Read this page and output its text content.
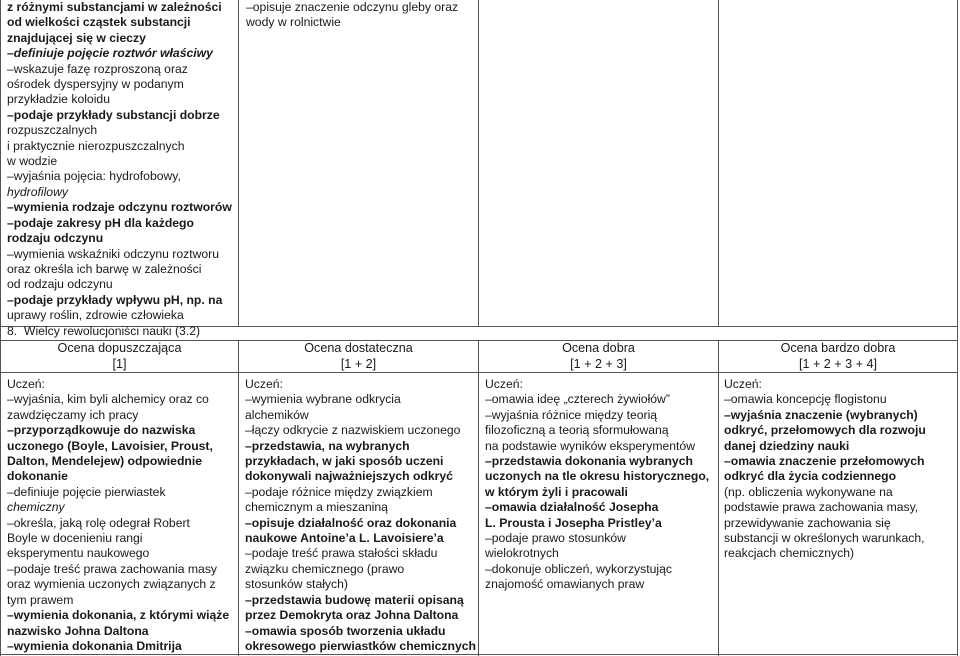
z różnymi substancjami w zależności
od wielkości cząstek substancji
znajdującej się w cieczy
–definiuje pojęcie roztwór właściwy
–wskazuje fazę rozproszoną oraz
ośrodek dyspersyjny w podanym
przykładzie koloidu
–podaje przykłady substancji dobrze
rozpuszczalnych
i praktycznie nierozpuszczalnych
w wodzie
–wyjaśnia pojęcia: hydrofobowy,
hydrofilowy
–wymienia rodzaje odczynu roztworów
–podaje zakresy pH dla każdego
rodzaju odczynu
–wymienia wskaźniki odczynu roztworu
oraz określa ich barwę w zależności
od rodzaju odczynu
–podaje przykłady wpływu pH, np. na
uprawy roślin, zdrowie człowieka
–opisuje znaczenie odczynu gleby oraz
wody w rolnictwie
8.  Wielcy rewolucjoniści nauki (3.2)
Ocena dopuszczająca
[1]
Ocena dostateczna
[1 + 2]
Ocena dobra
[1 + 2 + 3]
Ocena bardzo dobra
[1 + 2 + 3 + 4]
Uczeń:
–wyjaśnia, kim byli alchemicy oraz co
zawdzięczamy ich pracy
–przyporządkowuje do nazwiska
uczonego (Boyle, Lavoisier, Proust,
Dalton, Mendelejew) odpowiednie
dokonanie
–definiuje pojęcie pierwiastek
chemiczny
–określa, jaką rolę odegrał Robert
Boyle w docenieniu rangi
eksperymentu naukowego
–podaje treść prawa zachowania masy
oraz wymienia uczonych związanych z
tym prawem
–wymienia dokonania, z którymi wiąże
nazwisko Johna Daltona
–wymienia dokonania Dmitrija
Uczeń:
–wymienia wybrane odkrycia
alchemików
–łączy odkrycie z nazwiskiem uczonego
–przedstawia, na wybranych
przykładach, w jaki sposób uczeni
dokonywali najważniejszych odkryć
–podaje różnice między związkiem
chemicznym a mieszaniną
–opisuje działalność oraz dokonania
naukowe Antoine’a L. Lavoisiere’a
–podaje treść prawa stałości składu
związku chemicznego (prawo
stosunków stałych)
–przedstawia budowę materii opisaną
przez Demokryta oraz Johna Daltona
–omawia sposób tworzenia układu
okresowego pierwiastków chemicznych
Uczeń:
–omawia ideę „czterech żywiołów”
–wyjaśnia różnice między teorią
filozoficzną a teorią sformułowaną
na podstawie wyników eksperymentów
–przedstawia dokonania wybranych
uczonych na tle okresu historycznego,
w którym żyli i pracowali
–omawia działalność Josepha
L. Prousta i Josepha Pristley’a
–podaje prawo stosunków
wielokrotnych
–dokonuje obliczeń, wykorzystując
znajomość omawianych praw
Uczeń:
–omawia koncepcję flogistonu
–wyjaśnia znaczenie (wybranych)
odkryć, przełomowych dla rozwoju
danej dziedziny nauki
–omawia znaczenie przełomowych
odkryć dla życia codziennego
(np. obliczenia wykonywane na
podstawie prawa zachowania masy,
przewidywanie zachowania się
substancji w określonych warunkach,
reakcjach chemicznych)
